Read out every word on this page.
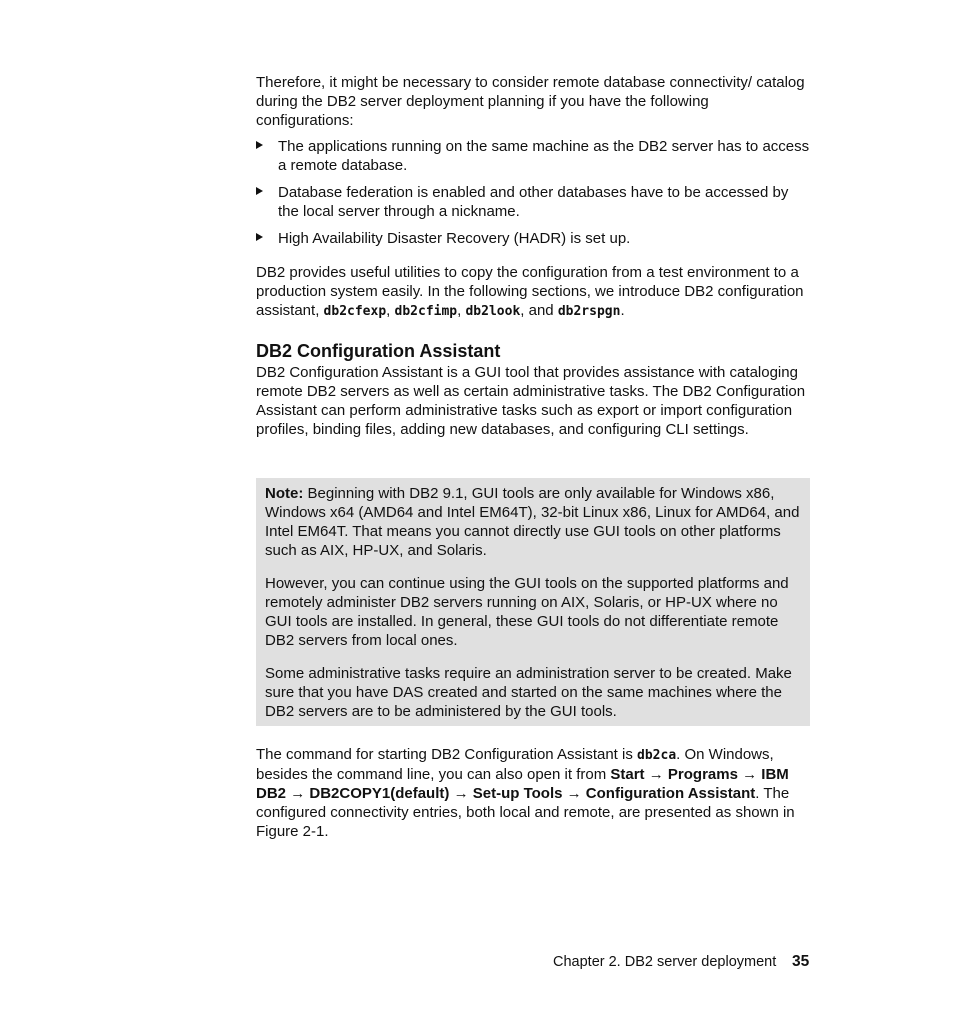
Therefore, it might be necessary to consider remote database connectivity/ catalog during the DB2 server deployment planning if you have the following configurations:

The applications running on the same machine as the DB2 server has to access a remote database.
Database federation is enabled and other databases have to be accessed by the local server through a nickname.
High Availability Disaster Recovery (HADR) is set up.

DB2 provides useful utilities to copy the configuration from a test environment to a production system easily. In the following sections, we introduce DB2 configuration assistant, db2cfexp, db2cfimp, db2look, and db2rspgn.

DB2 Configuration Assistant

DB2 Configuration Assistant is a GUI tool that provides assistance with cataloging remote DB2 servers as well as certain administrative tasks. The DB2 Configuration Assistant can perform administrative tasks such as export or import configuration profiles, binding files, adding new databases, and configuring CLI settings.

Note: Beginning with DB2 9.1, GUI tools are only available for Windows x86, Windows x64 (AMD64 and Intel EM64T), 32-bit Linux x86, Linux for AMD64, and Intel EM64T. That means you cannot directly use GUI tools on other platforms such as AIX, HP-UX, and Solaris.

However, you can continue using the GUI tools on the supported platforms and remotely administer DB2 servers running on AIX, Solaris, or HP-UX where no GUI tools are installed. In general, these GUI tools do not differentiate remote DB2 servers from local ones.

Some administrative tasks require an administration server to be created. Make sure that you have DAS created and started on the same machines where the DB2 servers are to be administered by the GUI tools.

The command for starting DB2 Configuration Assistant is db2ca. On Windows, besides the command line, you can also open it from Start → Programs → IBM DB2 → DB2COPY1(default) → Set-up Tools → Configuration Assistant. The configured connectivity entries, both local and remote, are presented as shown in Figure 2-1.

Chapter 2. DB2 server deployment 35
